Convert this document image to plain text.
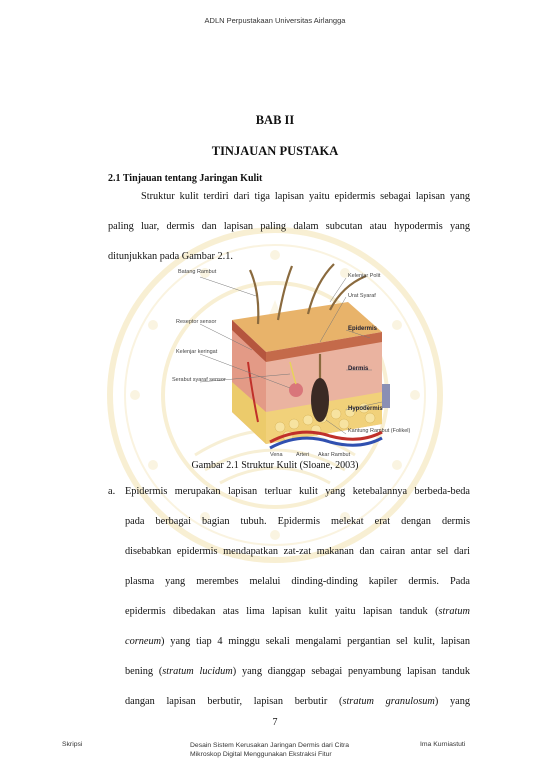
ADLN Perpustakaan Universitas Airlangga
BAB II
TINJAUAN PUSTAKA
2.1 Tinjauan tentang Jaringan Kulit
Struktur kulit terdiri dari tiga lapisan yaitu epidermis sebagai lapisan yang
paling luar, dermis dan lapisan paling dalam subcutan atau hypodermis yang
ditunjukkan pada Gambar 2.1.
Batang Rambut
Reseptor sensor
Kelenjar keringat
Serabut syaraf sensor
Kelenjar Polit
Urat Syaraf
Epidermis
Dermis
Hypodermis
Kantung Rambut (Folikel)
Vena Arteri Akar Rambut
Gambar 2.1 Struktur Kulit (Sloane, 2003)
a. Epidermis merupakan lapisan terluar kulit yang ketebalannya berbeda-beda
pada berbagai bagian tubuh. Epidermis melekat erat dengan dermis
disebabkan epidermis mendapatkan zat-zat makanan dan cairan antar sel dari
plasma yang merembes melalui dinding-dinding kapiler dermis. Pada
epidermis dibedakan atas lima lapisan kulit yaitu lapisan tanduk (stratum
corneum) yang tiap 4 minggu sekali mengalami pergantian sel kulit, lapisan
bening (stratum lucidum) yang dianggap sebagai penyambung lapisan tanduk
dangan lapisan berbutir, lapisan berbutir (stratum granulosum) yang
7
Skripsi	Desain Sistem Kerusakan Jaringan Dermis dari Citra
Mikroskop Digital Menggunakan Ekstraksi Fitur
Ima Kurniastuti
